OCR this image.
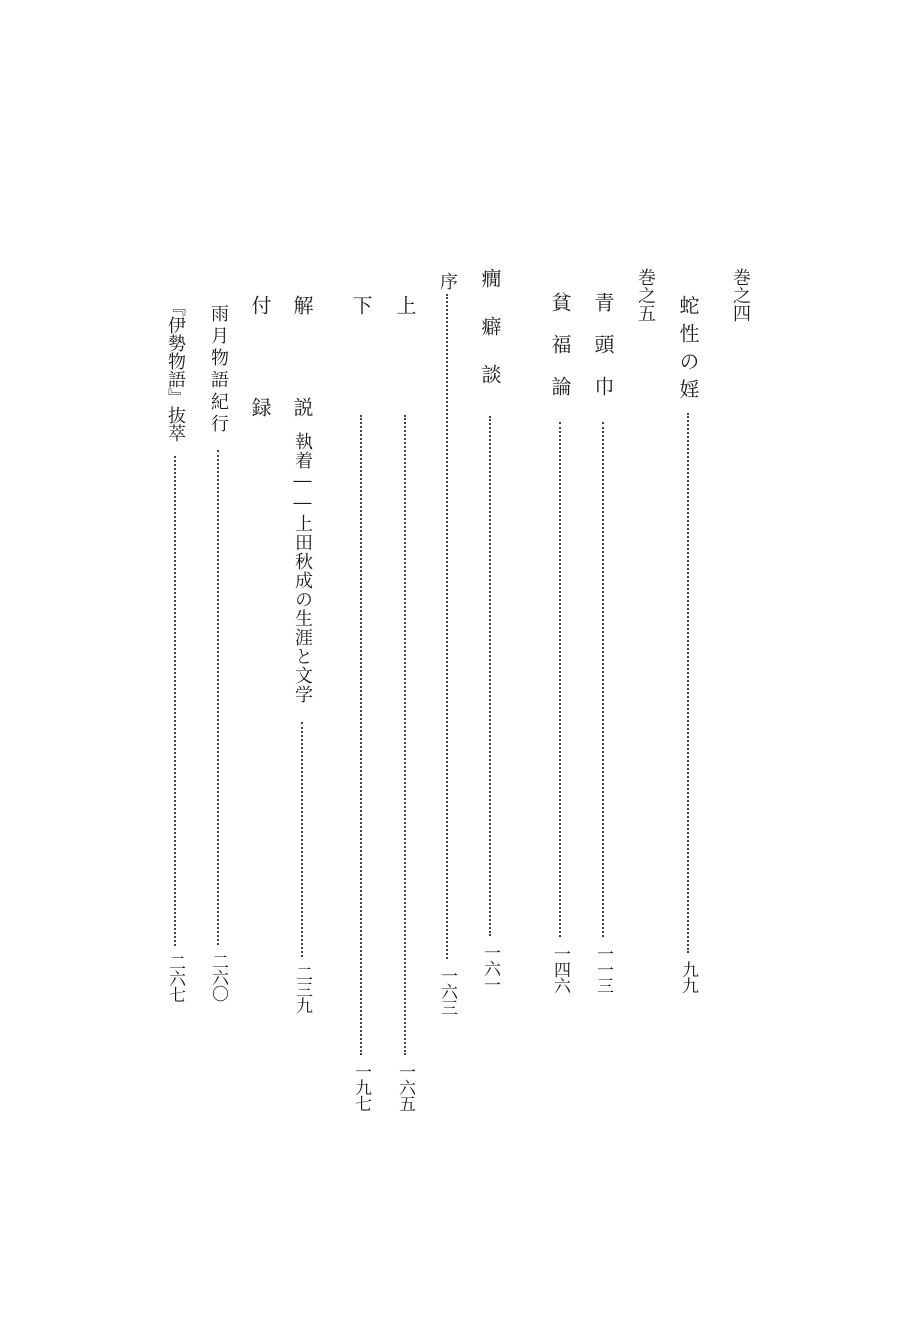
巻之四
蛇性の婬
九九
巻之五
青頭巾
一一三
貧福論
一四六
癇癖談
一六一
序
一六三
上
一六五
下
一九七
解説
執着――上田秋成の生涯と文学
二三九
付録
雨月物語紀行
二六〇
『伊勢物語』抜萃
二六七
